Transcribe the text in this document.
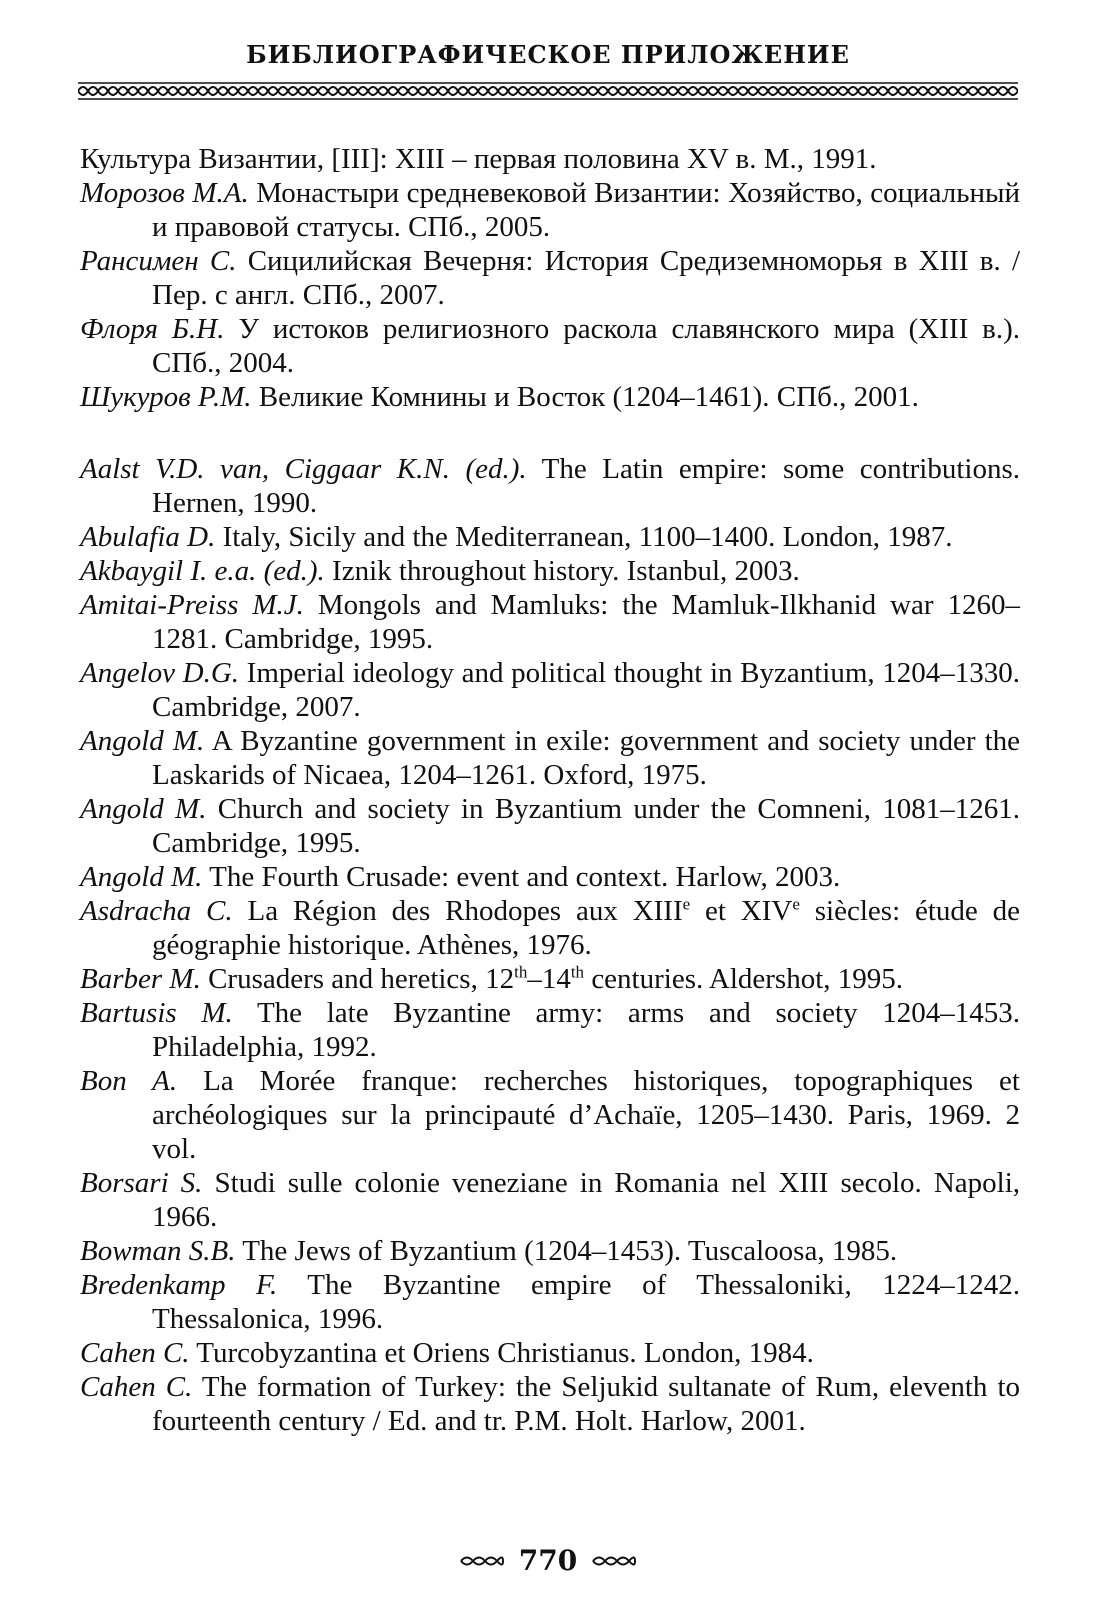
БИБЛИОГРАФИЧЕСКОЕ ПРИЛОЖЕНИЕ

Культура Византии, [III]: XIII – первая половина XV в. М., 1991.

Морозов М.А. Монастыри средневековой Византии: Хозяйство, социальный и правовой статусы. СПб., 2005.

Рансимен С. Сицилийская Вечерня: История Средиземноморья в XIII в. / Пер. с англ. СПб., 2007.

Флоря Б.Н. У истоков религиозного раскола славянского мира (XIII в.). СПб., 2004.

Шукуров Р.М. Великие Комнины и Восток (1204–1461). СПб., 2001.

Aalst V.D. van, Ciggaar K.N. (ed.). The Latin empire: some contributions. Hernen, 1990.

Abulafia D. Italy, Sicily and the Mediterranean, 1100–1400. London, 1987.

Akbaygil I. e.a. (ed.). Iznik throughout history. Istanbul, 2003.

Amitai-Preiss M.J. Mongols and Mamluks: the Mamluk-Ilkhanid war 1260–1281. Cambridge, 1995.

Angelov D.G. Imperial ideology and political thought in Byzantium, 1204–1330. Cambridge, 2007.

Angold M. A Byzantine government in exile: government and society under the Laskarids of Nicaea, 1204–1261. Oxford, 1975.

Angold M. Church and society in Byzantium under the Comneni, 1081–1261. Cambridge, 1995.

Angold M. The Fourth Crusade: event and context. Harlow, 2003.

Asdracha C. La Région des Rhodopes aux XIIIe et XIVe siècles: étude de géographie historique. Athènes, 1976.

Barber M. Crusaders and heretics, 12th–14th centuries. Aldershot, 1995.

Bartusis M. The late Byzantine army: arms and society 1204–1453. Philadelphia, 1992.

Bon A. La Morée franque: recherches historiques, topographiques et archéologiques sur la principauté d’Achaïe, 1205–1430. Paris, 1969. 2 vol.

Borsari S. Studi sulle colonie veneziane in Romania nel XIII secolo. Napoli, 1966.

Bowman S.B. The Jews of Byzantium (1204–1453). Tuscaloosa, 1985.

Bredenkamp F. The Byzantine empire of Thessaloniki, 1224–1242. Thessalonica, 1996.

Cahen C. Turcobyzantina et Oriens Christianus. London, 1984.

Cahen C. The formation of Turkey: the Seljukid sultanate of Rum, eleventh to fourteenth century / Ed. and tr. P.M. Holt. Harlow, 2001.

770
